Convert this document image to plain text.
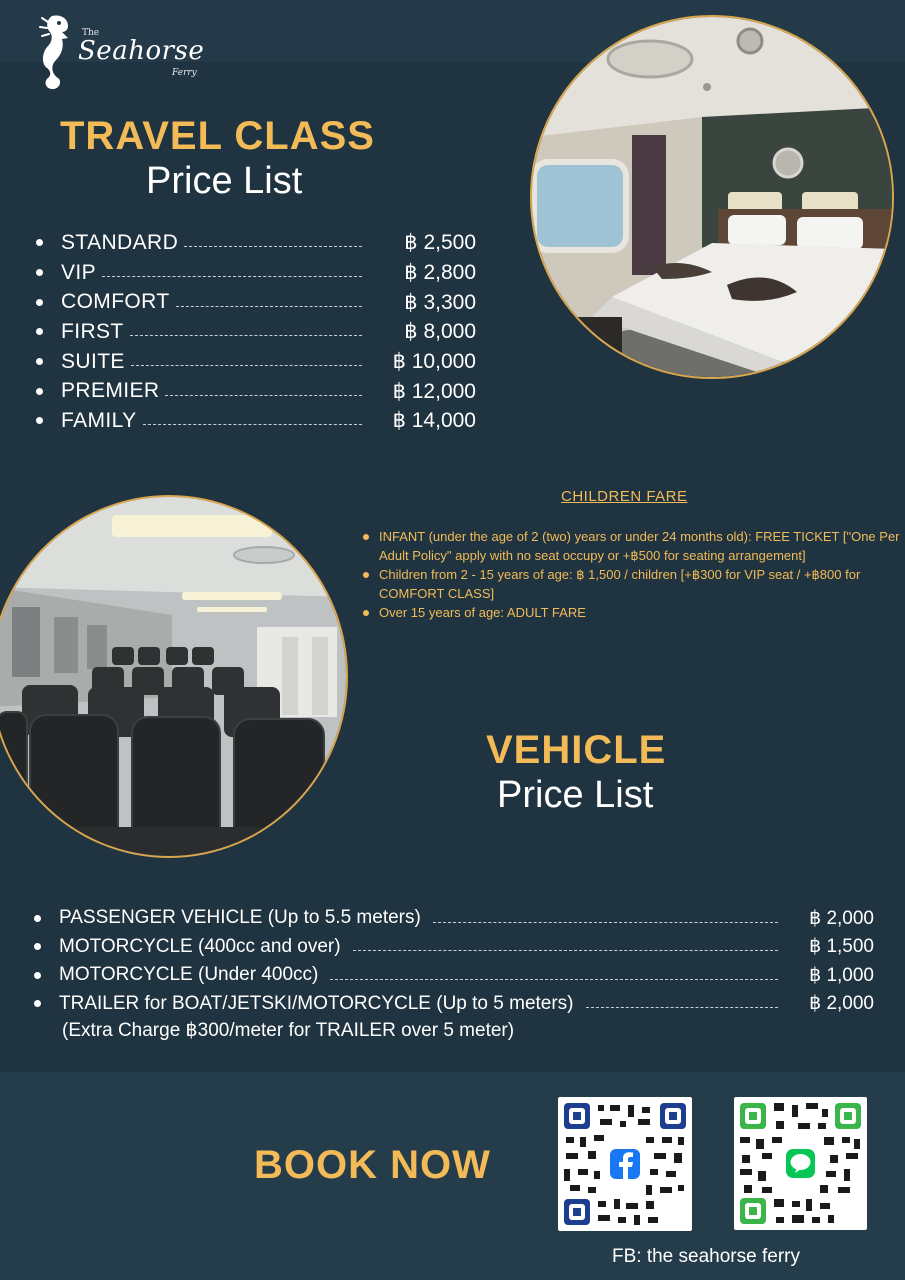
The
Seahorse
Ferry
TRAVEL CLASS
Price List
STANDARD	฿ 2,500
VIP	฿ 2,800
COMFORT	฿ 3,300
FIRST	฿ 8,000
SUITE	฿ 10,000
PREMIER	฿ 12,000
FAMILY	฿ 14,000
CHILDREN FARE
INFANT (under the age of 2 (two) years or under 24 months old): FREE TICKET ["One Per Adult Policy" apply with no seat occupy or +฿500 for seating arrangement]
Children from 2 - 15 years of age: ฿ 1,500 / children [+฿300 for VIP seat / +฿800 for COMFORT CLASS]
Over 15 years of age: ADULT FARE
VEHICLE
Price List
PASSENGER VEHICLE (Up to 5.5 meters)	฿ 2,000
MOTORCYCLE (400cc and over)	฿ 1,500
MOTORCYCLE (Under 400cc)	฿ 1,000
TRAILER for BOAT/JETSKI/MOTORCYCLE (Up to 5 meters)	฿ 2,000
(Extra Charge ฿300/meter for TRAILER over 5 meter)
BOOK NOW
FB: the seahorse ferry
